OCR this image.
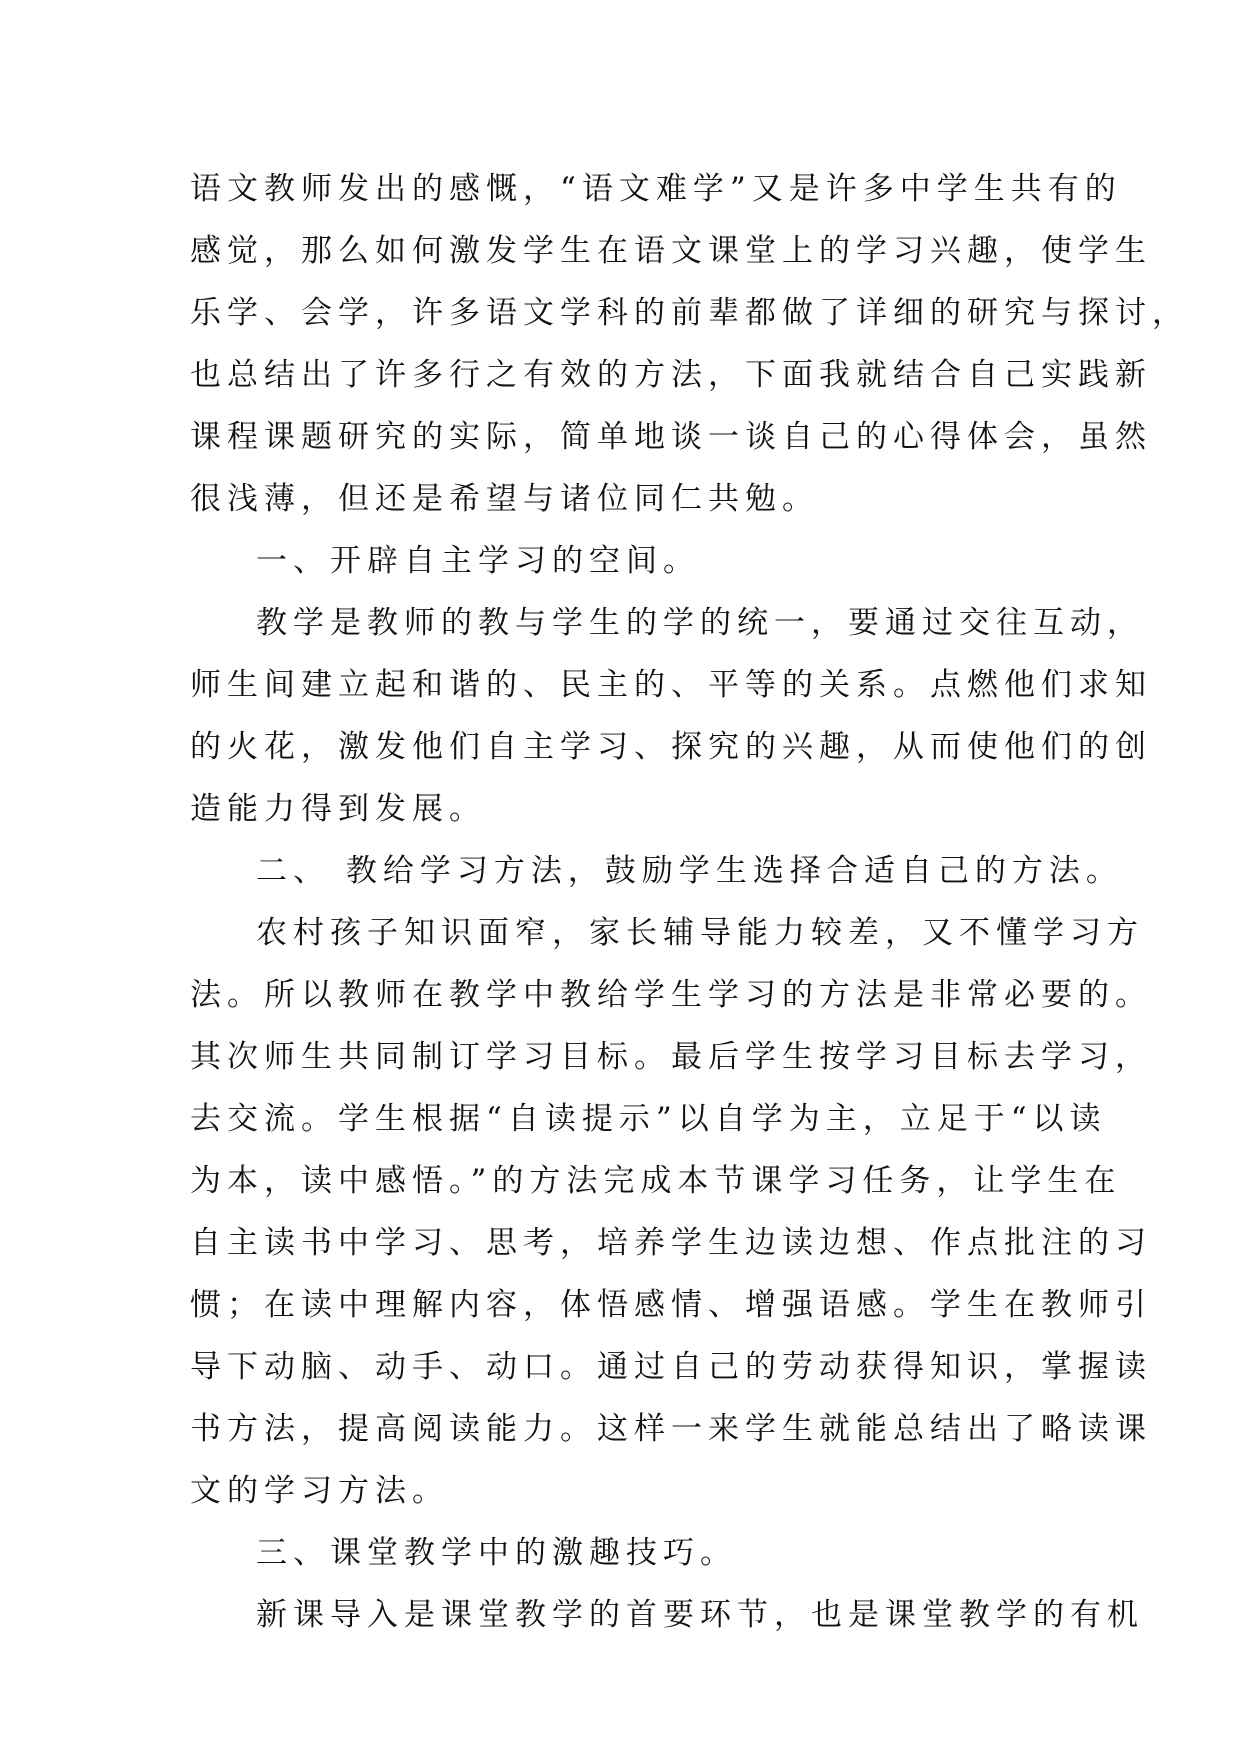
语文教师发出的感慨，“语文难学”又是许多中学生共有的
感觉，那么如何激发学生在语文课堂上的学习兴趣，使学生
乐学、会学，许多语文学科的前辈都做了详细的研究与探讨，
也总结出了许多行之有效的方法，下面我就结合自己实践新
课程课题研究的实际，简单地谈一谈自己的心得体会，虽然
很浅薄，但还是希望与诸位同仁共勉。
一、开辟自主学习的空间。
教学是教师的教与学生的学的统一，要通过交往互动，
师生间建立起和谐的、民主的、平等的关系。点燃他们求知
的火花，激发他们自主学习、探究的兴趣，从而使他们的创
造能力得到发展。
二、 教给学习方法，鼓励学生选择合适自己的方法。
农村孩子知识面窄，家长辅导能力较差，又不懂学习方
法。所以教师在教学中教给学生学习的方法是非常必要的。
其次师生共同制订学习目标。最后学生按学习目标去学习，
去交流。学生根据“自读提示”以自学为主，立足于“以读
为本，读中感悟。”的方法完成本节课学习任务，让学生在
自主读书中学习、思考，培养学生边读边想、作点批注的习
惯；在读中理解内容，体悟感情、增强语感。学生在教师引
导下动脑、动手、动口。通过自己的劳动获得知识，掌握读
书方法，提高阅读能力。这样一来学生就能总结出了略读课
文的学习方法。
三、课堂教学中的激趣技巧。
新课导入是课堂教学的首要环节，也是课堂教学的有机
